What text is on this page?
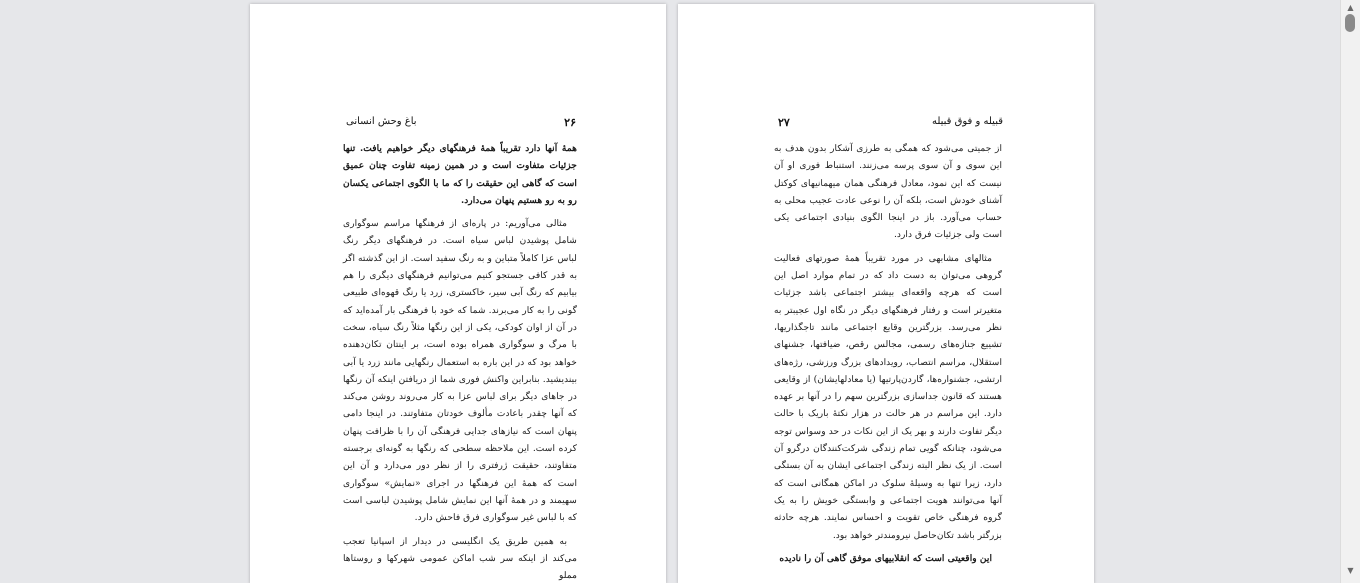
۲۶
باغ وحش انسانی

همهٔ آنها دارد تقریباً همهٔ فرهنگهای دیگر خواهیم یافت. تنها جزئیات متفاوت است و در همین زمینه تفاوت چنان عمیق است که گاهی این حقیقت را که ما با الگوی اجتماعی یکسان رو به رو هستیم پنهان می‌دارد.

مثالی می‌آوریم: در پاره‌ای از فرهنگها مراسم سوگواری شامل پوشیدن لباس سیاه است. در فرهنگهای دیگر رنگ لباس عزا کاملاً متباین و به رنگ سفید است. از این گذشته اگر به قدر کافی جستجو کنیم می‌توانیم فرهنگهای دیگری را هم بیابیم که رنگ آبی سیر، خاکستری، زرد یا رنگ قهوه‌ای طبیعی گونی را به کار می‌برند. شما که خود با فرهنگی بار آمده‌اید که در آن از اوان کودکی، یکی از این رنگها مثلاً رنگ سیاه، سخت با مرگ و سوگواری همراه بوده است، بر اینتان تکان‌دهنده خواهد بود که در این باره به استعمال رنگهایی مانند زرد یا آبی بیندیشید. بنابراین واکنش فوری شما از دریافتن اینکه آن رنگها در جاهای دیگر برای لباس عزا به کار می‌روند روشن می‌کند که آنها چقدر باعادت مألوف خودتان متفاوتند. در اینجا دامی پنهان است که نیازهای جدایی فرهنگی آن را با ظرافت پنهان کرده است. این ملاحظه سطحی که رنگها به گونه‌ای برجسته متفاوتند، حقیقت ژرفتری را از نظر دور می‌دارد و آن این است که همهٔ این فرهنگها در اجرای «نمایش» سوگواری سهیمند و در همهٔ آنها این نمایش شامل پوشیدن لباسی است که با لباس غیر سوگواری فرق فاحش دارد.

به همین طریق یک انگلیسی در دیدار از اسپانیا تعجب می‌کند از اینکه سر شب اماکن عمومی شهرکها و روستاها مملو

قبیله و فوق قبیله
۲۷

از جمیتی می‌شود که همگی به طرزی آشکار بدون هدف به این سوی و آن سوی پرسه می‌زنند. استنباط فوری او آن نیست که این نمود، معادل فرهنگی همان میهمانیهای کوکتل آشنای خودش است، بلکه آن را نوعی عادت عجیب محلی به حساب می‌آورد. باز در اینجا الگوی بنیادی اجتماعی یکی است ولی جزئیات فرق دارد.

مثالهای مشابهی در مورد تقریباً همهٔ صورتهای فعالیت گروهی می‌توان به دست داد که در تمام موارد اصل این است که هرچه واقعه‌ای بیشتر اجتماعی باشد جزئیات متغیرتر است و رفتار فرهنگهای دیگر در نگاه اول عجیبتر به نظر می‌رسد. بزرگترین وقایع اجتماعی مانند تاجگذاریها، تشییع جنازه‌های رسمی، مجالس رقص، ضیافتها، جشنهای استقلال، مراسم انتصاب، رویدادهای بزرگ ورزشی، رژه‌های ارتشی، جشنواره‌ها، گاردن‌پارتیها (یا معادلهایشان) از وقایعی هستند که قانون جداسازی بزرگترین سهم را در آنها بر عهده دارد. این مراسم در هر حالت در هزار نکتهٔ باریک با حالت دیگر تفاوت دارند و بهر یک از این نکات در حد وسواس توجه می‌شود، چنانکه گویی تمام زندگی شرکت‌کنندگان درگرو آن است. از یک نظر البته زندگی اجتماعی ایشان به آن بستگی دارد، زیرا تنها به وسیلهٔ سلوک در اماکن همگانی است که آنها می‌توانند هویت اجتماعی و وابستگی خویش را به یک گروه فرهنگی خاص تقویت و احساس نمایند. هرچه حادثه بزرگتر باشد تکان‌حاصل نیرومندتر خواهد بود.

این واقعیتی است که انقلابیهای موفق گاهی آن را نادیده

▲
▼
